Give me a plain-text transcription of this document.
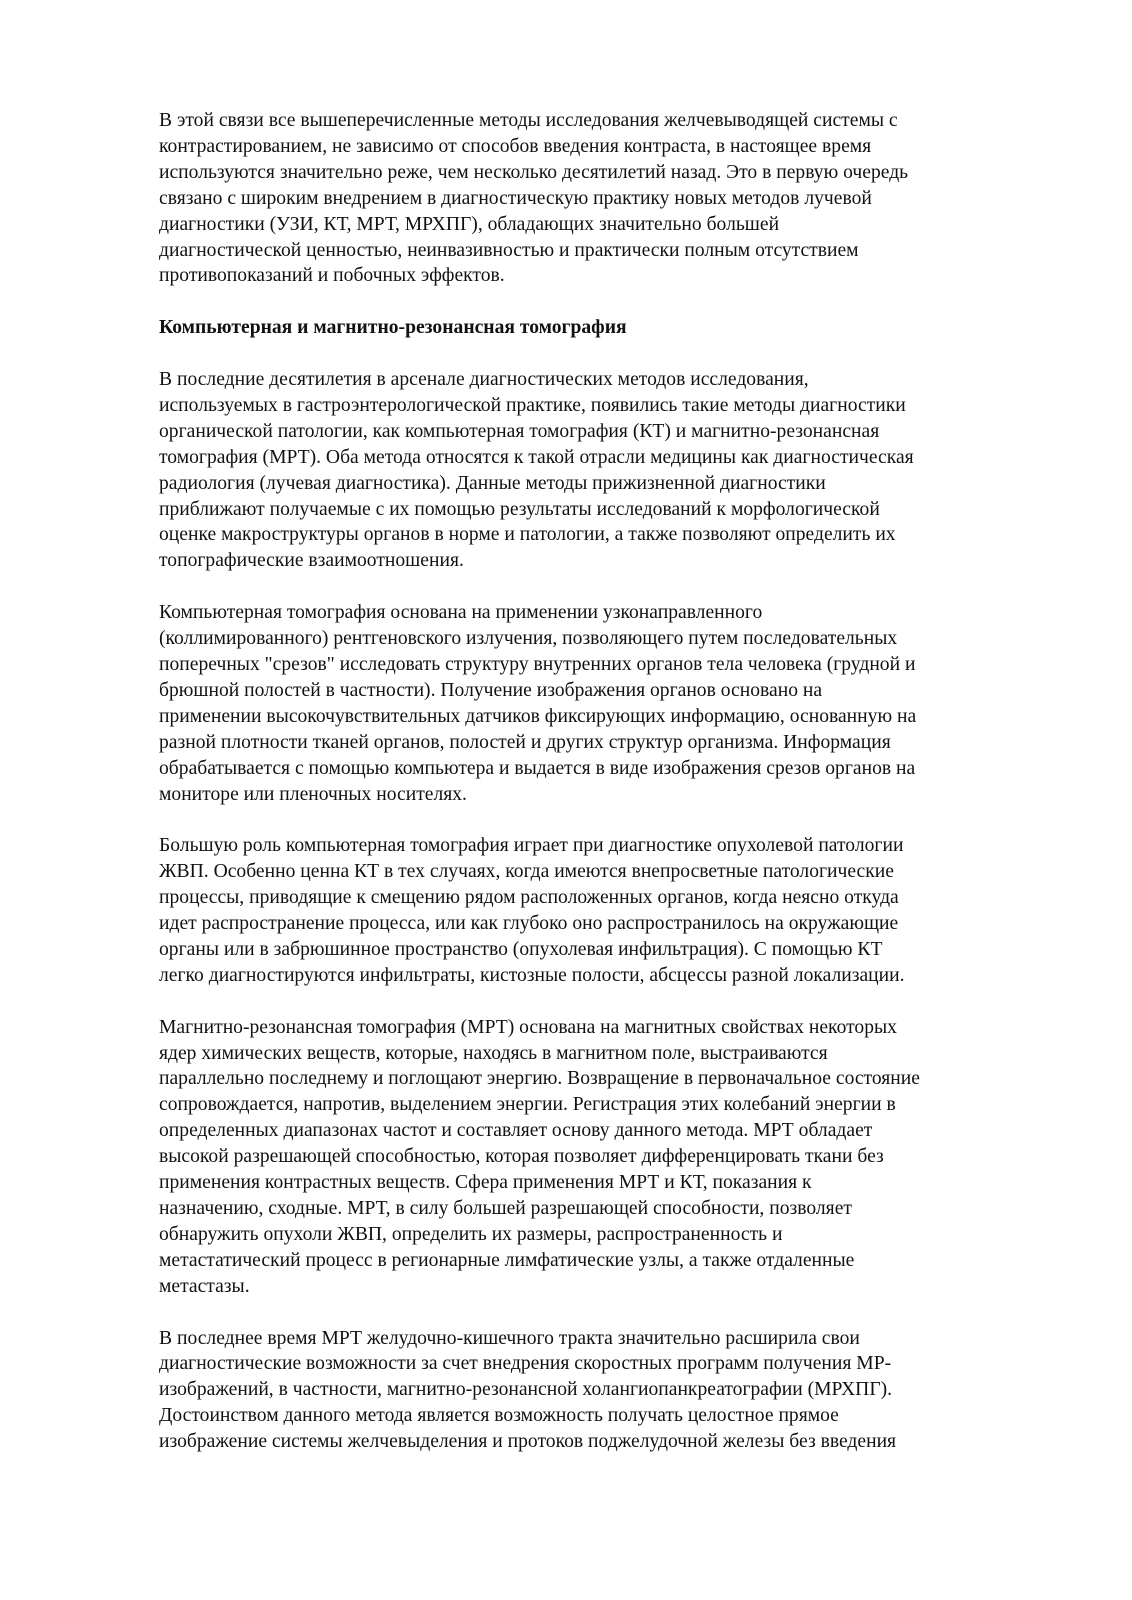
В этой связи все вышеперечисленные методы исследования желчевыводящей системы с
контрастированием, не зависимо от способов введения контраста, в настоящее время
используются значительно реже, чем несколько десятилетий назад. Это в первую очередь
связано с широким внедрением в диагностическую практику новых методов лучевой
диагностики (УЗИ, КТ, МРТ, МРХПГ), обладающих значительно большей
диагностической ценностью, неинвазивностью и практически полным отсутствием
противопоказаний и побочных эффектов.

Компьютерная и магнитно-резонансная томография

В последние десятилетия в арсенале диагностических методов исследования,
используемых в гастроэнтерологической практике, появились такие методы диагностики
органической патологии, как компьютерная томография (КТ) и магнитно-резонансная
томография (МРТ). Оба метода относятся к такой отрасли медицины как диагностическая
радиология (лучевая диагностика). Данные методы прижизненной диагностики
приближают получаемые с их помощью результаты исследований к морфологической
оценке макроструктуры органов в норме и патологии, а также позволяют определить их
топографические взаимоотношения.

Компьютерная томография основана на применении узконаправленного
(коллимированного) рентгеновского излучения, позволяющего путем последовательных
поперечных "срезов" исследовать структуру внутренних органов тела человека (грудной и
брюшной полостей в частности). Получение изображения органов основано на
применении высокочувствительных датчиков фиксирующих информацию, основанную на
разной плотности тканей органов, полостей и других структур организма. Информация
обрабатывается с помощью компьютера и выдается в виде изображения срезов органов на
мониторе или пленочных носителях.

Большую роль компьютерная томография играет при диагностике опухолевой патологии
ЖВП. Особенно ценна КТ в тех случаях, когда имеются внепросветные патологические
процессы, приводящие к смещению рядом расположенных органов, когда неясно откуда
идет распространение процесса, или как глубоко оно распространилось на окружающие
органы или в забрюшинное пространство (опухолевая инфильтрация). С помощью КТ
легко диагностируются инфильтраты, кистозные полости, абсцессы разной локализации.

Магнитно-резонансная томография (МРТ) основана на магнитных свойствах некоторых
ядер химических веществ, которые, находясь в магнитном поле, выстраиваются
параллельно последнему и поглощают энергию. Возвращение в первоначальное состояние
сопровождается, напротив, выделением энергии. Регистрация этих колебаний энергии в
определенных диапазонах частот и составляет основу данного метода. МРТ обладает
высокой разрешающей способностью, которая позволяет дифференцировать ткани без
применения контрастных веществ. Сфера применения МРТ и КТ, показания к
назначению, сходные. МРТ, в силу большей разрешающей способности, позволяет
обнаружить опухоли ЖВП, определить их размеры, распространенность и
метастатический процесс в регионарные лимфатические узлы, а также отдаленные
метастазы.

В последнее время МРТ желудочно-кишечного тракта значительно расширила свои
диагностические возможности за счет внедрения скоростных программ получения МР-
изображений, в частности, магнитно-резонансной холангиопанкреатографии (МРХПГ).
Достоинством данного метода является возможность получать целостное прямое
изображение системы желчевыделения и протоков поджелудочной железы без введения
